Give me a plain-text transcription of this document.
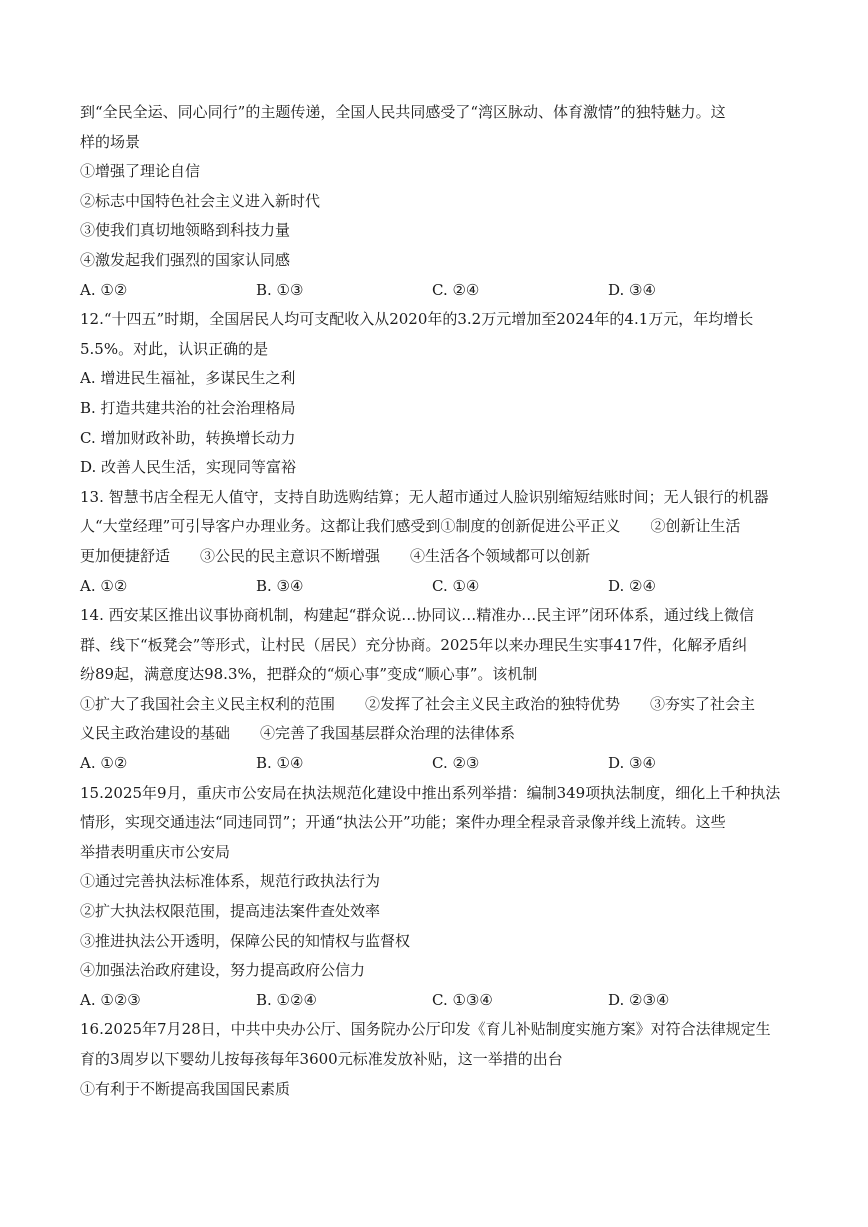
到“全民全运、同心同行”的主题传递，全国人民共同感受了“湾区脉动、体育激情”的独特魅力。这
样的场景
①增强了理论自信
②标志中国特色社会主义进入新时代
③使我们真切地领略到科技力量
④激发起我们强烈的国家认同感
A. ①②	B. ①③	C. ②④	D. ③④
12.“十四五”时期，全国居民人均可支配收入从2020年的3.2万元增加至2024年的4.1万元，年均增长
5.5%。对此，认识正确的是
A. 增进民生福祉，多谋民生之利
B. 打造共建共治的社会治理格局
C. 增加财政补助，转换增长动力
D. 改善人民生活，实现同等富裕
13. 智慧书店全程无人值守，支持自助选购结算；无人超市通过人脸识别缩短结账时间；无人银行的机器
人“大堂经理”可引导客户办理业务。这都让我们感受到①制度的创新促进公平正义　　②创新让生活
更加便捷舒适　　③公民的民主意识不断增强　　④生活各个领域都可以创新
A. ①②	B. ③④	C. ①④	D. ②④
14. 西安某区推出议事协商机制，构建起“群众说…协同议…精准办…民主评”闭环体系，通过线上微信
群、线下“板凳会”等形式，让村民（居民）充分协商。2025年以来办理民生实事417件，化解矛盾纠
纷89起，满意度达98.3%，把群众的“烦心事”变成“顺心事”。该机制
①扩大了我国社会主义民主权利的范围　　②发挥了社会主义民主政治的独特优势　　③夯实了社会主
义民主政治建设的基础　　④完善了我国基层群众治理的法律体系
A. ①②	B. ①④	C. ②③	D. ③④
15.2025年9月，重庆市公安局在执法规范化建设中推出系列举措：编制349项执法制度，细化上千种执法
情形，实现交通违法“同违同罚”；开通“执法公开”功能；案件办理全程录音录像并线上流转。这些
举措表明重庆市公安局
①通过完善执法标准体系，规范行政执法行为
②扩大执法权限范围，提高违法案件查处效率
③推进执法公开透明，保障公民的知情权与监督权
④加强法治政府建设，努力提高政府公信力
A. ①②③	B. ①②④	C. ①③④	D. ②③④
16.2025年7月28日，中共中央办公厅、国务院办公厅印发《育儿补贴制度实施方案》对符合法律规定生
育的3周岁以下婴幼儿按每孩每年3600元标准发放补贴，这一举措的出台
①有利于不断提高我国国民素质
